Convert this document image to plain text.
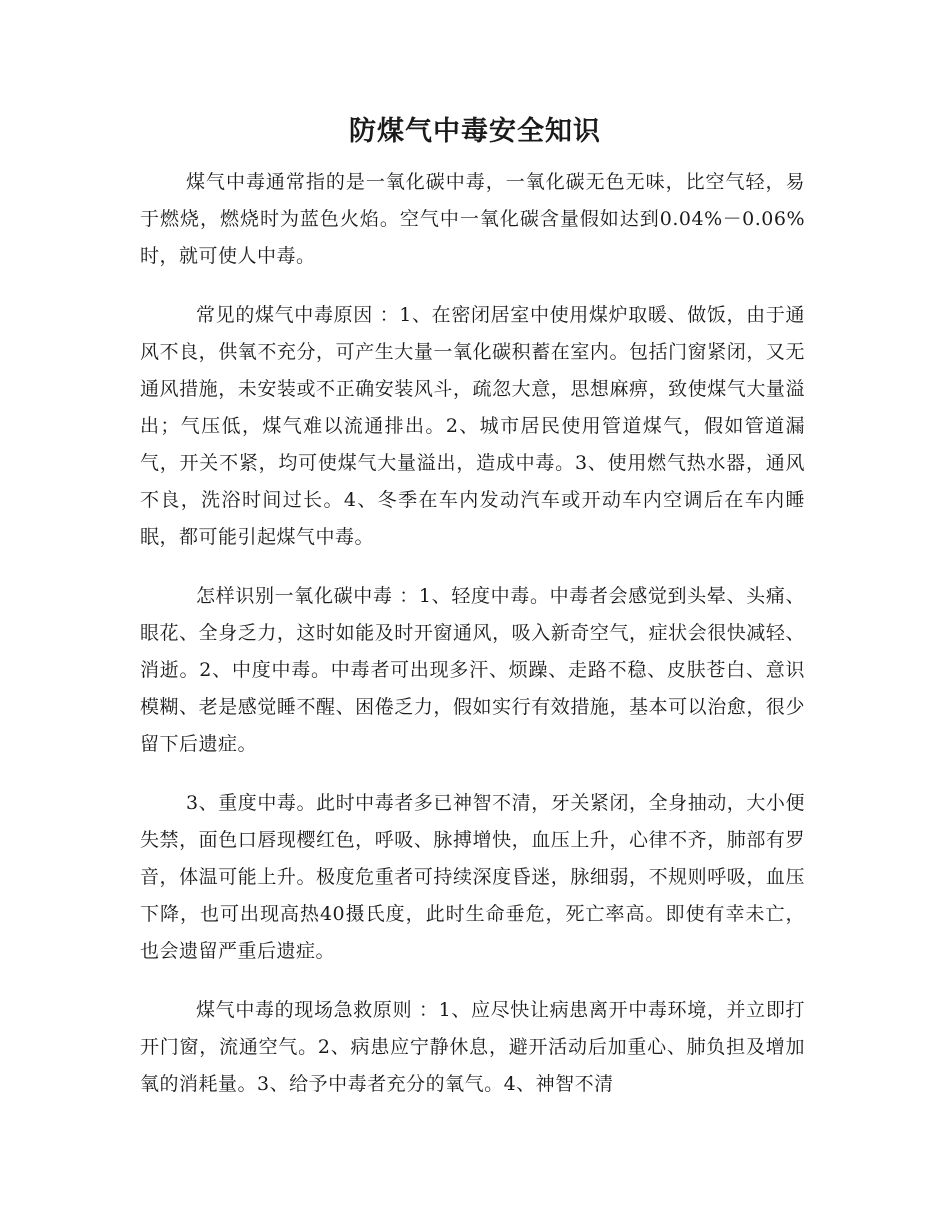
防煤气中毒安全知识

煤气中毒通常指的是一氧化碳中毒，一氧化碳无色无味，比空气轻，易于燃烧，燃烧时为蓝色火焰。空气中一氧化碳含量假如达到0.04%－0.06%时，就可使人中毒。

常见的煤气中毒原因 ：1、在密闭居室中使用煤炉取暖、做饭，由于通风不良，供氧不充分，可产生大量一氧化碳积蓄在室内。包括门窗紧闭，又无通风措施，未安装或不正确安装风斗，疏忽大意，思想麻痹，致使煤气大量溢出；气压低，煤气难以流通排出。2、城市居民使用管道煤气，假如管道漏气，开关不紧，均可使煤气大量溢出，造成中毒。3、使用燃气热水器，通风不良，洗浴时间过长。4、冬季在车内发动汽车或开动车内空调后在车内睡眠，都可能引起煤气中毒。

怎样识别一氧化碳中毒 ：1、轻度中毒。中毒者会感觉到头晕、头痛、眼花、全身乏力，这时如能及时开窗通风，吸入新奇空气，症状会很快减轻、消逝。2、中度中毒。中毒者可出现多汗、烦躁、走路不稳、皮肤苍白、意识模糊、老是感觉睡不醒、困倦乏力，假如实行有效措施，基本可以治愈，很少留下后遗症。

3、重度中毒。此时中毒者多已神智不清，牙关紧闭，全身抽动，大小便失禁，面色口唇现樱红色，呼吸、脉搏增快，血压上升，心律不齐，肺部有罗音，体温可能上升。极度危重者可持续深度昏迷，脉细弱，不规则呼吸，血压下降，也可出现高热40摄氏度，此时生命垂危，死亡率高。即使有幸未亡，也会遗留严重后遗症。

煤气中毒的现场急救原则 ：1、应尽快让病患离开中毒环境，并立即打开门窗，流通空气。2、病患应宁静休息，避开活动后加重心、肺负担及增加氧的消耗量。3、给予中毒者充分的氧气。4、神智不清
